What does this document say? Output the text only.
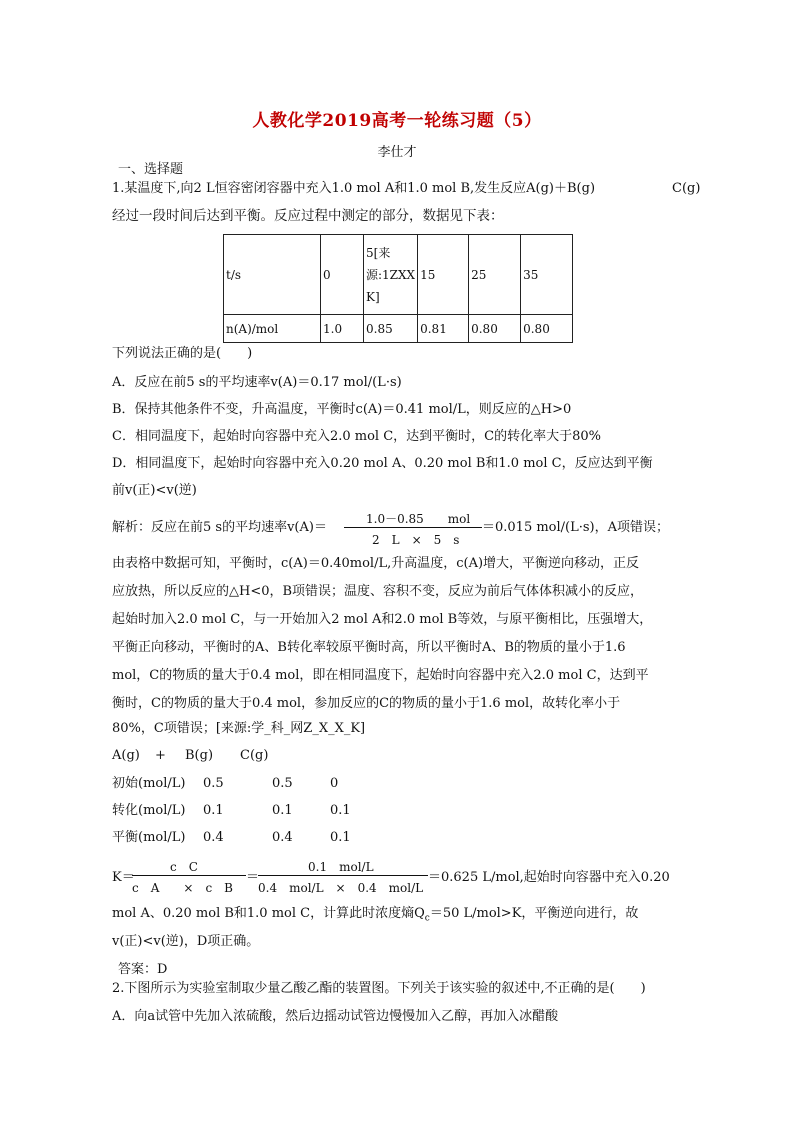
人教化学2019高考一轮练习题（5）
李仕才
一、选择题
1.某温度下,向2 L恒容密闭容器中充入1.0 mol A和1.0 mol B,发生反应A(g)＋B(g)	C(g)
经过一段时间后达到平衡。反应过程中测定的部分，数据见下表：
t/s	0	5[来
源:1ZXX
K]	15	25	35
n(A)/mol	1.0	0.85	0.81	0.80	0.80
下列说法正确的是(　　)
A．反应在前5 s的平均速率v(A)＝0.17 mol/(L·s)
B．保持其他条件不变，升高温度，平衡时c(A)＝0.41 mol/L，则反应的△H>0
C．相同温度下，起始时向容器中充入2.0 mol C，达到平衡时，C的转化率大于80%
D．相同温度下，起始时向容器中充入0.20 mol A、0.20 mol B和1.0 mol C，反应达到平衡
前v(正)<v(逆)
解析：反应在前5 s的平均速率v(A)＝
1.0－0.85　　mol
2　L　×　5　s
＝0.015 mol/(L·s)，A项错误；
由表格中数据可知，平衡时，c(A)＝0.40mol/L,升高温度，c(A)增大，平衡逆向移动，正反
应放热，所以反应的△H<0，B项错误；温度、容积不变，反应为前后气体体积减小的反应，
起始时加入2.0 mol C，与一开始加入2 mol A和2.0 mol B等效，与原平衡相比，压强增大，
平衡正向移动，平衡时的A、B转化率较原平衡时高，所以平衡时A、B的物质的量小于1.6
mol，C的物质的量大于0.4 mol，即在相同温度下，起始时向容器中充入2.0 mol C，达到平
衡时，C的物质的量大于0.4 mol，参加反应的C的物质的量小于1.6 mol，故转化率小于
80%，C项错误；[来源:学_科_网Z_X_X_K]
A(g) + B(g) C(g)
初始(mol/L) 0.5	0.5	0
转化(mol/L) 0.1	0.1	0.1
平衡(mol/L) 0.4	0.4	0.1
K＝
c　C
c　A　　×　c　B
＝
0.1　mol/L
0.4　mol/L　×　0.4　mol/L
＝0.625 L/mol,起始时向容器中充入0.20
mol A、0.20 mol B和1.0 mol C，计算此时浓度熵$Q_c=50$ L/mol>K，平衡逆向进行，故
v(正)<v(逆)，D项正确。
答案：D
2.下图所示为实验室制取少量乙酸乙酯的装置图。下列关于该实验的叙述中,不正确的是(　　)
A．向a试管中先加入浓硫酸，然后边摇动试管边慢慢加入乙醇，再加入冰醋酸
